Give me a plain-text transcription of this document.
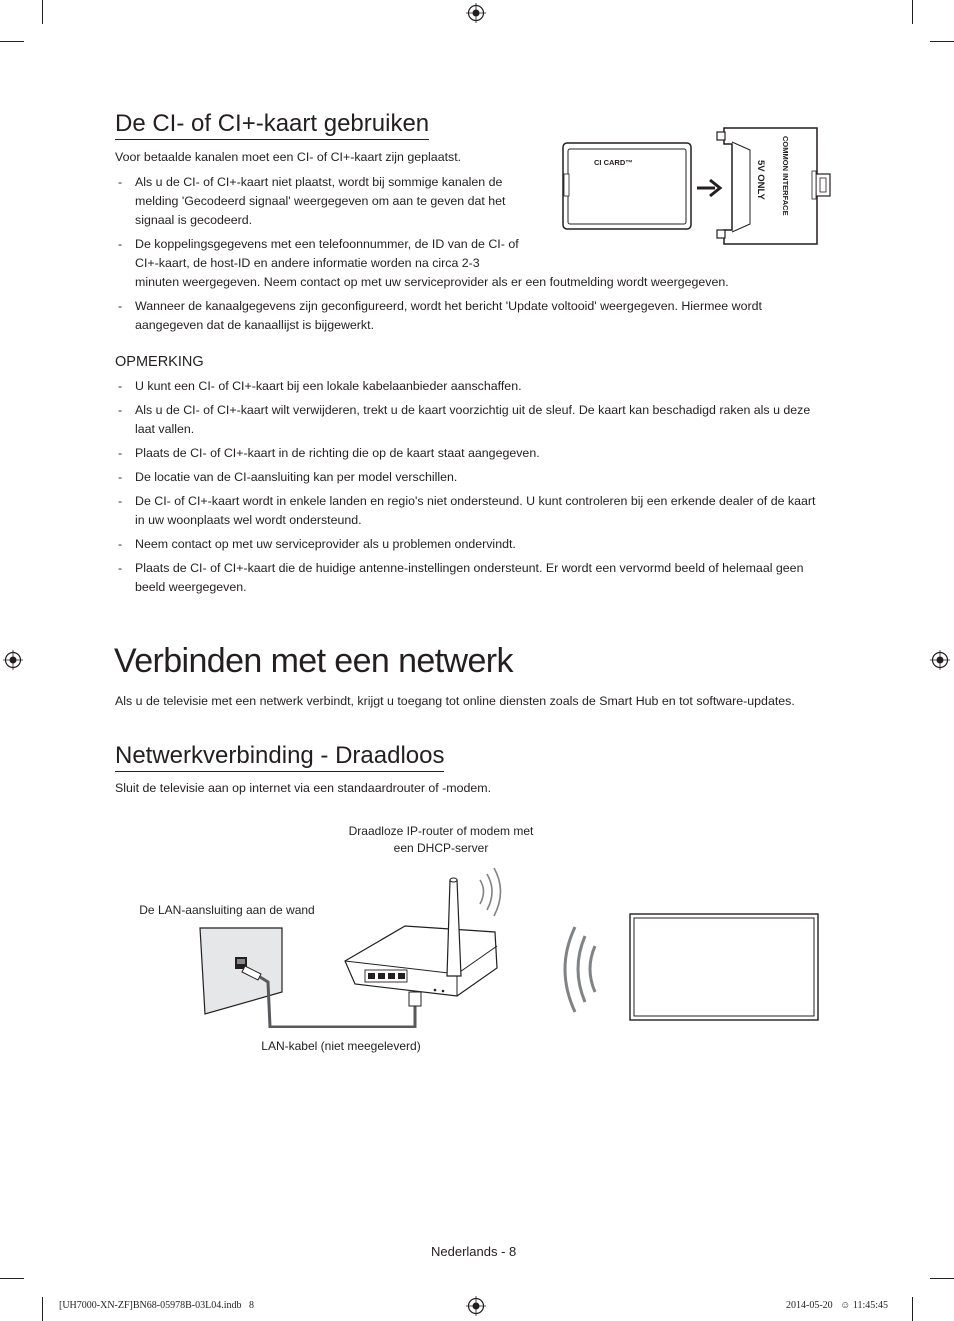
De CI- of CI+-kaart gebruiken

Voor betaalde kanalen moet een CI- of CI+-kaart zijn geplaatst.

- Als u de CI- of CI+-kaart niet plaatst, wordt bij sommige kanalen de melding 'Gecodeerd signaal' weergegeven om aan te geven dat het signaal is gecodeerd.
- De koppelingsgegevens met een telefoonnummer, de ID van de CI- of CI+-kaart, de host-ID en andere informatie worden na circa 2-3

minuten weergegeven. Neem contact op met uw serviceprovider als er een foutmelding wordt weergegeven.

- Wanneer de kanaalgegevens zijn geconfigureerd, wordt het bericht 'Update voltooid' weergegeven. Hiermee wordt aangegeven dat de kanaallijst is bijgewerkt.
CI CARD™	COMMON INTERFACE
5V ONLY
OPMERKING
- U kunt een CI- of CI+-kaart bij een lokale kabelaanbieder aanschaffen.
- Als u de CI- of CI+-kaart wilt verwijderen, trekt u de kaart voorzichtig uit de sleuf. De kaart kan beschadigd raken als u deze laat vallen.
- Plaats de CI- of CI+-kaart in de richting die op de kaart staat aangegeven.
- De locatie van de CI-aansluiting kan per model verschillen.
- De CI- of CI+-kaart wordt in enkele landen en regio's niet ondersteund. U kunt controleren bij een erkende dealer of de kaart in uw woonplaats wel wordt ondersteund.
- Neem contact op met uw serviceprovider als u problemen ondervindt.
- Plaats de CI- of CI+-kaart die de huidige antenne-instellingen ondersteunt. Er wordt een vervormd beeld of helemaal geen beeld weergegeven.
Verbinden met een netwerk

Als u de televisie met een netwerk verbindt, krijgt u toegang tot online diensten zoals de Smart Hub en tot software-updates.

Netwerkverbinding - Draadloos

Sluit de televisie aan op internet via een standaardrouter of -modem.

Draadloze IP-router of modem met
een DHCP-server
De LAN-aansluiting aan de wand
LAN-kabel (niet meegeleverd)
Nederlands - 8
[UH7000-XN-ZF]BN68-05978B-03L04.indb   8	2014-05-20   ☺ 11:45:45
